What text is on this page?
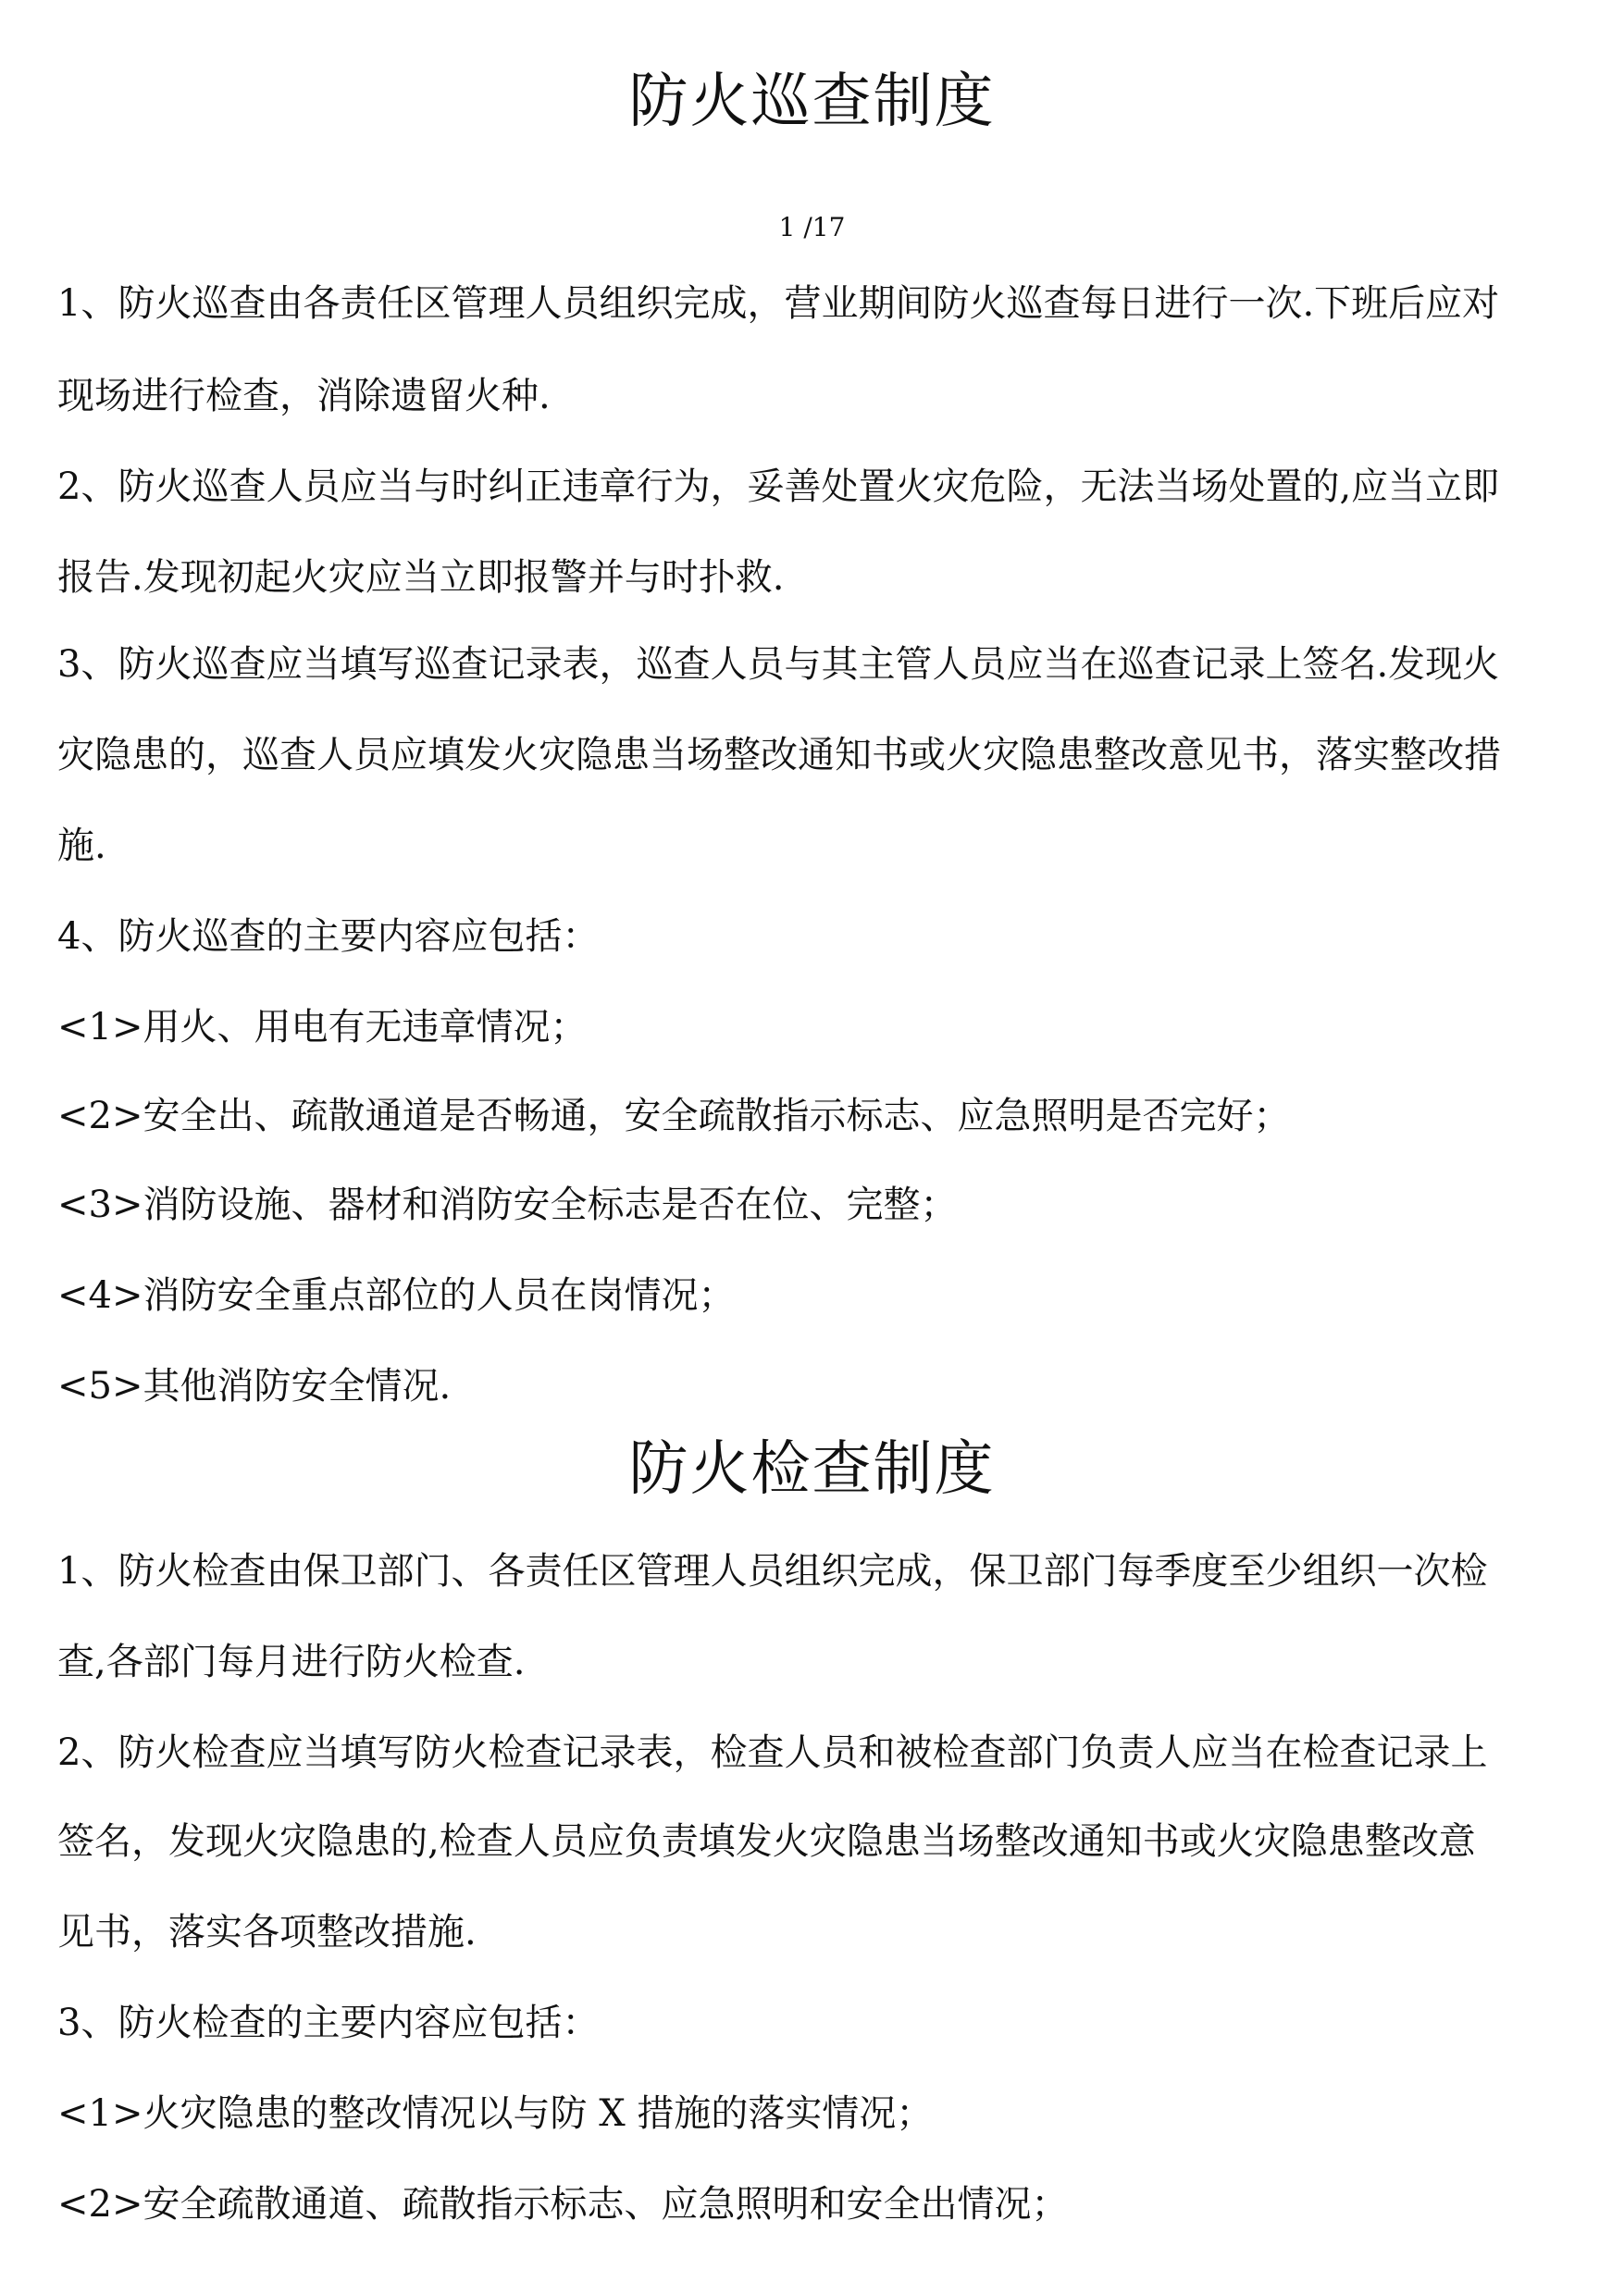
防火巡查制度
1 /17
1、防火巡查由各责任区管理人员组织完成，营业期间防火巡查每日进行一次.下班后应对
现场进行检查，消除遗留火种.
2、防火巡查人员应当与时纠正违章行为，妥善处置火灾危险，无法当场处置的,应当立即
报告.发现初起火灾应当立即报警并与时扑救.
3、防火巡查应当填写巡查记录表，巡查人员与其主管人员应当在巡查记录上签名.发现火
灾隐患的，巡查人员应填发火灾隐患当场整改通知书或火灾隐患整改意见书，落实整改措
施.
4、防火巡查的主要内容应包括：
<1>用火、用电有无违章情况；
<2>安全出、疏散通道是否畅通，安全疏散指示标志、应急照明是否完好；
<3>消防设施、器材和消防安全标志是否在位、完整；
<4>消防安全重点部位的人员在岗情况；
<5>其他消防安全情况.
防火检查制度
1、防火检查由保卫部门、各责任区管理人员组织完成，保卫部门每季度至少组织一次检
查,各部门每月进行防火检查.
2、防火检查应当填写防火检查记录表，检查人员和被检查部门负责人应当在检查记录上
签名，发现火灾隐患的,检查人员应负责填发火灾隐患当场整改通知书或火灾隐患整改意
见书，落实各项整改措施.
3、防火检查的主要内容应包括：
<1>火灾隐患的整改情况以与防 X 措施的落实情况；
<2>安全疏散通道、疏散指示标志、应急照明和安全出情况；
